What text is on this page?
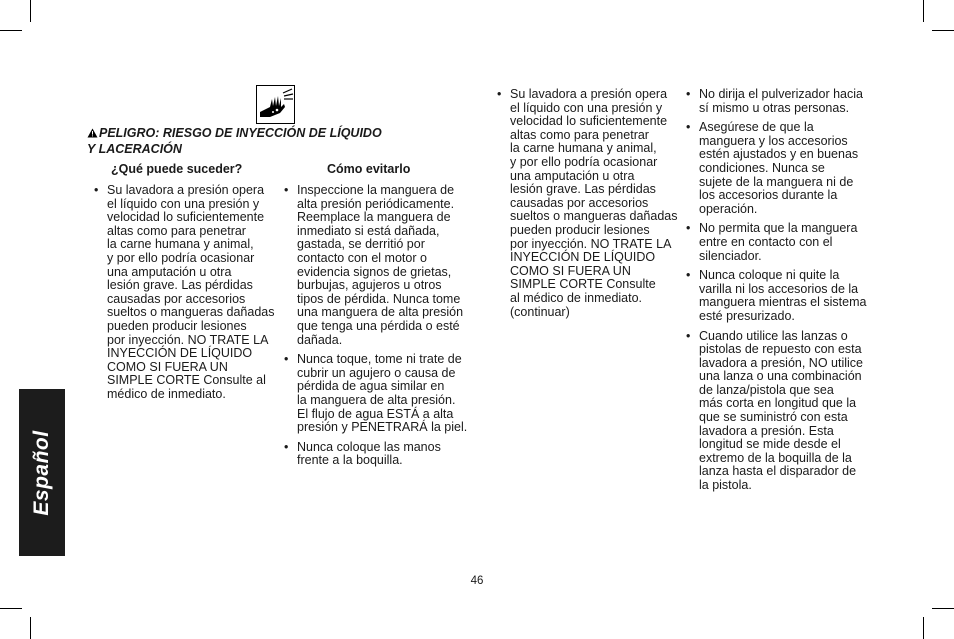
Español
PELIGRO: RIESGO DE INYECCIÓN DE LÍQUIDO
Y LACERACIÓN
¿Qué puede suceder?	Cómo evitarlo
• Su lavadora a presión opera
el líquido con una presión y
velocidad lo suficientemente
altas como para penetrar
la carne humana y animal,
y por ello podría ocasionar
una amputación u otra
lesión grave. Las pérdidas
causadas por accesorios
sueltos o mangueras dañadas
pueden producir lesiones
por inyección. NO TRATE LA
INYECCIÓN DE LÍQUIDO
COMO SI FUERA UN
SIMPLE CORTE Consulte al
médico de inmediato.
• Inspeccione la manguera de
alta presión periódicamente.
Reemplace la manguera de
inmediato si está dañada,
gastada, se derritió por
contacto con el motor o
evidencia signos de grietas,
burbujas, agujeros u otros
tipos de pérdida. Nunca tome
una manguera de alta presión
que tenga una pérdida o esté
dañada.
• Nunca toque, tome ni trate de
cubrir un agujero o causa de
pérdida de agua similar en
la manguera de alta presión.
El flujo de agua ESTÁ a alta
presión y PENETRARÁ la piel.
• Nunca coloque las manos
frente a la boquilla.
• Su lavadora a presión opera
el líquido con una presión y
velocidad lo suficientemente
altas como para penetrar
la carne humana y animal,
y por ello podría ocasionar
una amputación u otra
lesión grave. Las pérdidas
causadas por accesorios
sueltos o mangueras dañadas
pueden producir lesiones
por inyección. NO TRATE LA
INYECCIÓN DE LÍQUIDO
COMO SI FUERA UN
SIMPLE CORTE Consulte
al médico de inmediato.
(continuar)
• No dirija el pulverizador hacia
sí mismo u otras personas.
• Asegúrese de que la
manguera y los accesorios
estén ajustados y en buenas
condiciones. Nunca se
sujete de la manguera ni de
los accesorios durante la
operación.
• No permita que la manguera
entre en contacto con el
silenciador.
• Nunca coloque ni quite la
varilla ni los accesorios de la
manguera mientras el sistema
esté presurizado.
• Cuando utilice las lanzas o
pistolas de repuesto con esta
lavadora a presión, NO utilice
una lanza o una combinación
de lanza/pistola que sea
más corta en longitud que la
que se suministró con esta
lavadora a presión. Esta
longitud se mide desde el
extremo de la boquilla de la
lanza hasta el disparador de
la pistola.
46
